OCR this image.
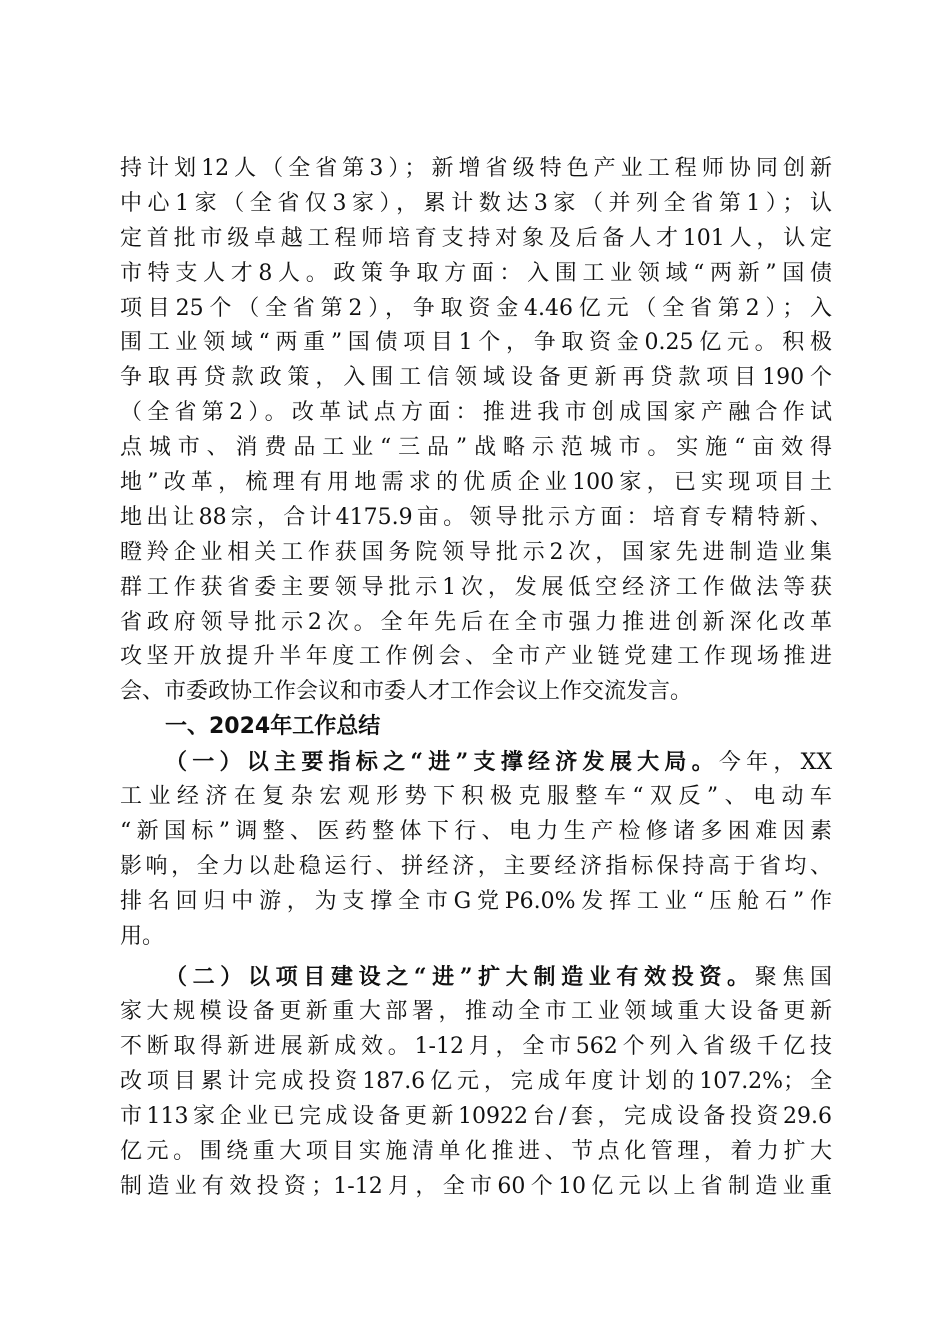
持计划12人（全省第3）；新增省级特色产业工程师协同创新
中心1家（全省仅3家），累计数达3家（并列全省第1）；认
定首批市级卓越工程师培育支持对象及后备人才101人，认定
市特支人才8人。政策争取方面：入围工业领域“两新”国债
项目25个（全省第2），争取资金4.46亿元（全省第2）；入
围工业领域“两重”国债项目1个，争取资金0.25亿元。积极
争取再贷款政策，入围工信领域设备更新再贷款项目190个
（全省第2）。改革试点方面：推进我市创成国家产融合作试
点城市、消费品工业“三品”战略示范城市。实施“亩效得
地”改革，梳理有用地需求的优质企业100家，已实现项目土
地出让88宗，合计4175.9亩。领导批示方面：培育专精特新、
瞪羚企业相关工作获国务院领导批示2次，国家先进制造业集
群工作获省委主要领导批示1次，发展低空经济工作做法等获
省政府领导批示2次。全年先后在全市强力推进创新深化改革
攻坚开放提升半年度工作例会、全市产业链党建工作现场推进
会、市委政协工作会议和市委人才工作会议上作交流发言。
一、2024年工作总结
（一）以主要指标之“进”支撑经济发展大局。今年，XX
工业经济在复杂宏观形势下积极克服整车“双反”、电动车
“新国标”调整、医药整体下行、电力生产检修诸多困难因素
影响，全力以赴稳运行、拼经济，主要经济指标保持高于省均、
排名回归中游，为支撑全市G党P6.0%发挥工业“压舱石”作
用。
（二）以项目建设之“进”扩大制造业有效投资。聚焦国
家大规模设备更新重大部署，推动全市工业领域重大设备更新
不断取得新进展新成效。1-12月，全市562个列入省级千亿技
改项目累计完成投资187.6亿元，完成年度计划的107.2%；全
市113家企业已完成设备更新10922台/套，完成设备投资29.6
亿元。围绕重大项目实施清单化推进、节点化管理，着力扩大
制造业有效投资；1-12月，全市60个10亿元以上省制造业重
